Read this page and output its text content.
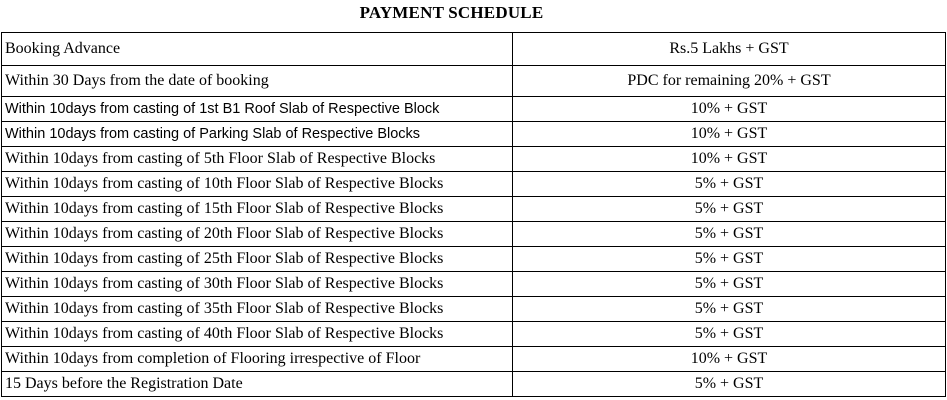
PAYMENT SCHEDULE
Booking Advance	Rs.5 Lakhs + GST
Within 30 Days from the date of booking	PDC for remaining 20% + GST
Within 10days from casting of 1st B1 Roof Slab of Respective Block	10% + GST
Within 10days from casting of Parking Slab of Respective Blocks	10% + GST
Within 10days from casting of 5th Floor Slab of Respective Blocks	10% + GST
Within 10days from casting of 10th Floor Slab of Respective Blocks	5% + GST
Within 10days from casting of 15th Floor Slab of Respective Blocks	5% + GST
Within 10days from casting of 20th Floor Slab of Respective Blocks	5% + GST
Within 10days from casting of 25th Floor Slab of Respective Blocks	5% + GST
Within 10days from casting of 30th Floor Slab of Respective Blocks	5% + GST
Within 10days from casting of 35th Floor Slab of Respective Blocks	5% + GST
Within 10days from casting of 40th Floor Slab of Respective Blocks	5% + GST
Within 10days from completion of Flooring irrespective of Floor	10% + GST
15 Days before the Registration Date	5% + GST
